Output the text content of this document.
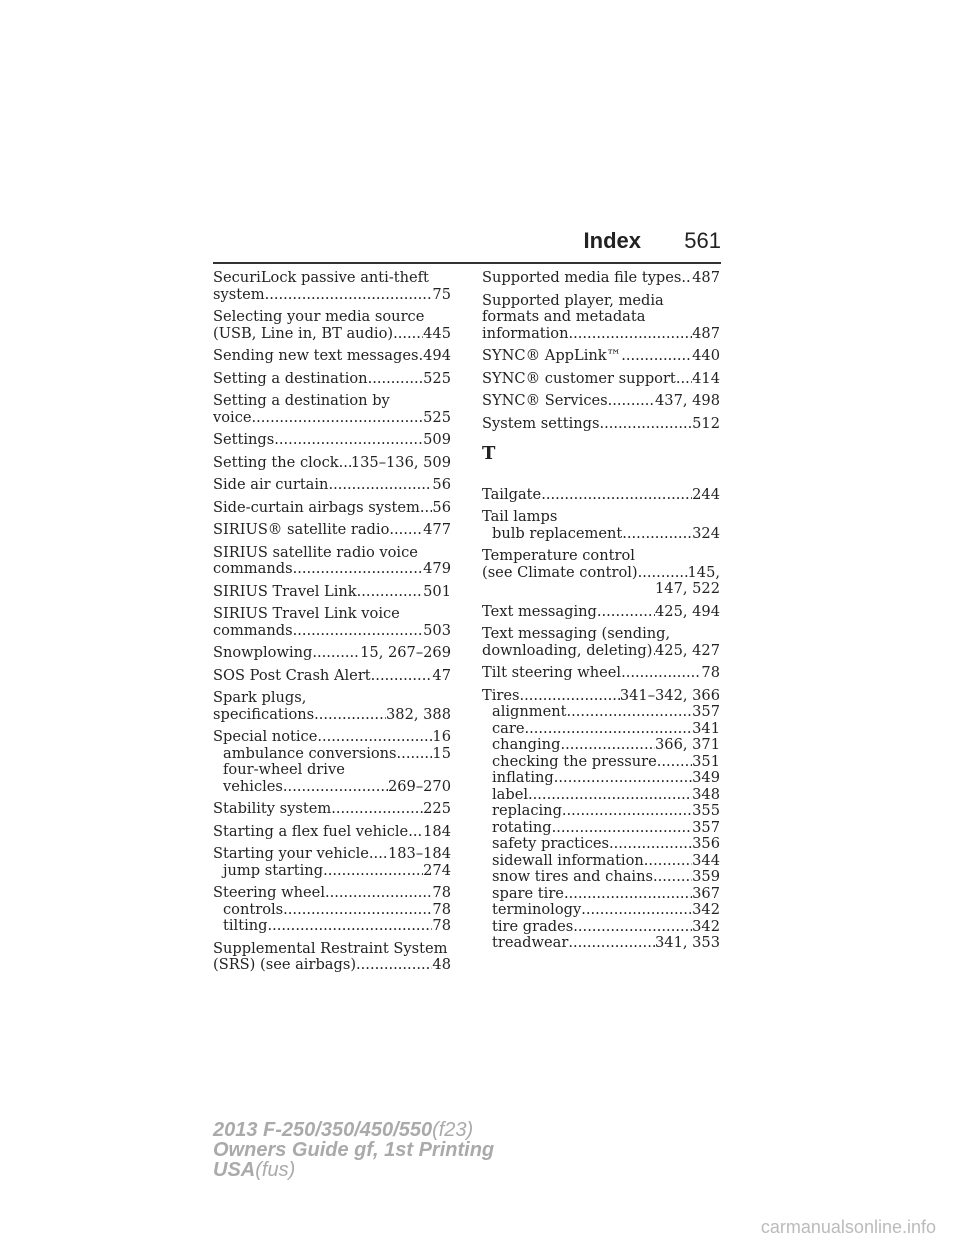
Index 561
SecuriLock passive anti-theft
system .....	75
Selecting your media source
(USB, Line in, BT audio) ..... 445
Sending new text messages ..... 494
Setting a destination .....	525
Setting a destination by
voice .....	525
Settings .....	509
Setting the clock ..... 135–136, 509
Side air curtain .....	56
Side-curtain airbags system ..... 56
SIRIUS® satellite radio ..... 477
SIRIUS satellite radio voice
commands .....	479
SIRIUS Travel Link .....	501
SIRIUS Travel Link voice
commands .....	503
Snowplowing .....	15, 267–269
SOS Post Crash Alert .....	47
Spark plugs,
specifications .....	382, 388
Special notice .....	16
ambulance conversions ..... 15
four-wheel drive
vehicles .....	269–270
Stability system .....	225
Starting a flex fuel vehicle ..... 184
Starting your vehicle ..... 183–184
jump starting .....	274
Steering wheel .....	78
controls .....	78
tilting .....	78
Supplemental Restraint System
(SRS) (see airbags) .....	48
Supported media file types ..... 487
Supported player, media
formats and metadata
information .....	487
SYNC® AppLink™ .....	440
SYNC® customer support ..... 414
SYNC® Services .....	437, 498
System settings .....	512
T
Tailgate .....	244
Tail lamps
bulb replacement .....	324
Temperature control
(see Climate control) .....	145,
147, 522
Text messaging .....	425, 494
Text messaging (sending,
downloading, deleting) ..... 425, 427
Tilt steering wheel .....	78
Tires .....	341–342, 366
alignment .....	357
care .....	341
changing .....	366, 371
checking the pressure ..... 351
inflating .....	349
label .....	348
replacing .....	355
rotating .....	357
safety practices .....	356
sidewall information .....	344
snow tires and chains .....	359
spare tire .....	367
terminology .....	342
tire grades .....	342
treadwear .....	341, 353
2013 F-250/350/450/550(f23)
Owners Guide gf, 1st Printing
USA(fus)
carmanualsonline.info
